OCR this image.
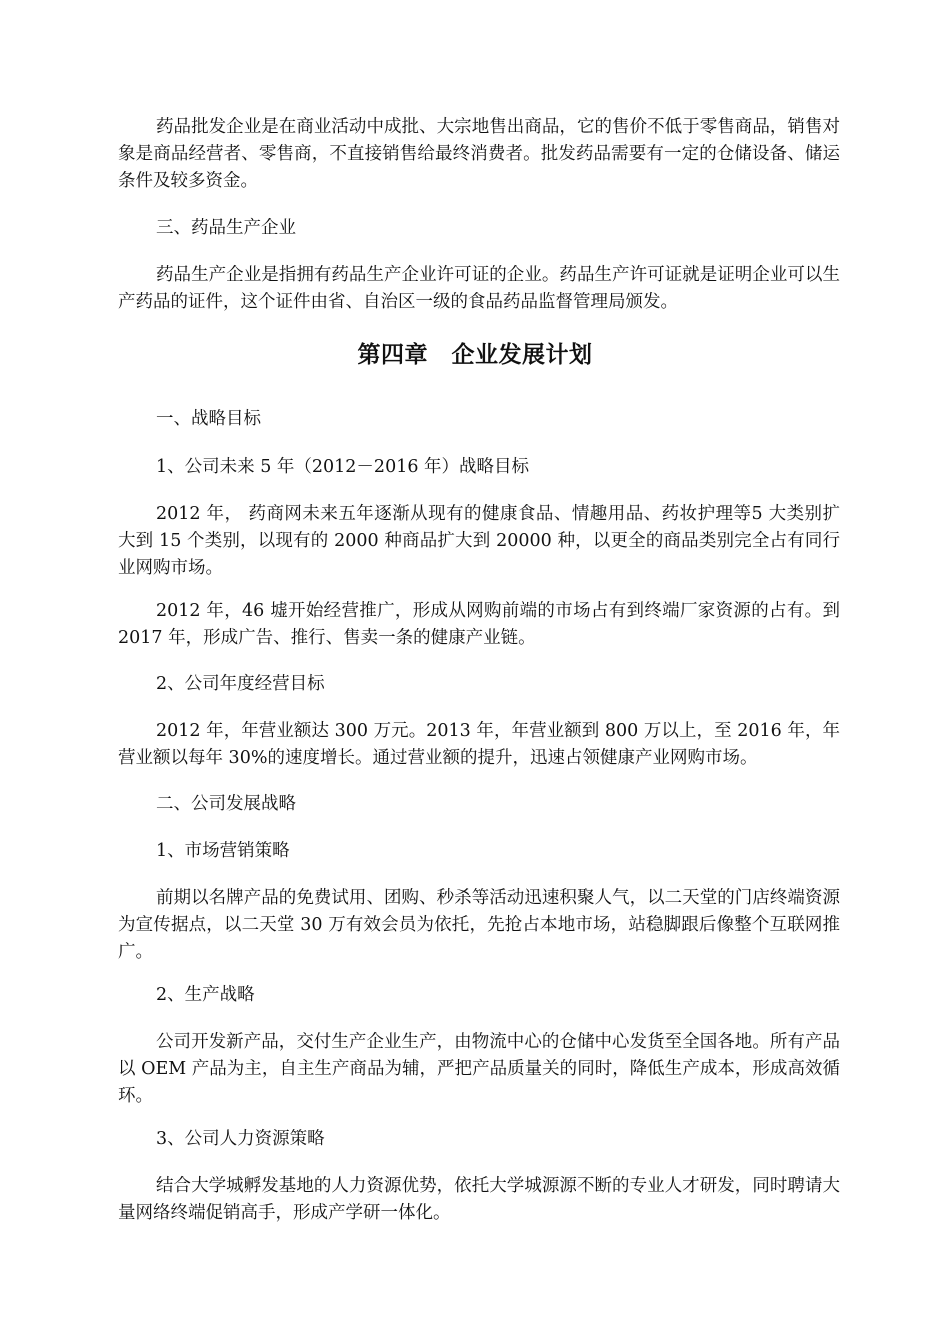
药品批发企业是在商业活动中成批、大宗地售出商品，它的售价不低于零售商品，销售对象是商品经营者、零售商，不直接销售给最终消费者。批发药品需要有一定的仓储设备、储运条件及较多资金。

三、药品生产企业

药品生产企业是指拥有药品生产企业许可证的企业。药品生产许可证就是证明企业可以生产药品的证件，这个证件由省、自治区一级的食品药品监督管理局颁发。

第四章　企业发展计划

一、战略目标

1、公司未来 5 年（2012－2016 年）战略目标

2012 年， 药商网未来五年逐渐从现有的健康食品、情趣用品、药妆护理等5 大类别扩大到 15 个类别，以现有的 2000 种商品扩大到 20000 种，以更全的商品类别完全占有同行业网购市场。

2012 年，46 墟开始经营推广，形成从网购前端的市场占有到终端厂家资源的占有。到 2017 年，形成广告、推行、售卖一条的健康产业链。

2、公司年度经营目标

2012 年，年营业额达 300 万元。2013 年，年营业额到 800 万以上，至 2016 年，年营业额以每年 30%的速度增长。通过营业额的提升，迅速占领健康产业网购市场。

二、公司发展战略

1、市场营销策略

前期以名牌产品的免费试用、团购、秒杀等活动迅速积聚人气，以二天堂的门店终端资源为宣传据点，以二天堂 30 万有效会员为依托，先抢占本地市场，站稳脚跟后像整个互联网推广。

2、生产战略

公司开发新产品，交付生产企业生产，由物流中心的仓储中心发货至全国各地。所有产品以 OEM 产品为主，自主生产商品为辅，严把产品质量关的同时，降低生产成本，形成高效循环。

3、公司人力资源策略

结合大学城孵发基地的人力资源优势，依托大学城源源不断的专业人才研发，同时聘请大量网络终端促销高手，形成产学研一体化。
